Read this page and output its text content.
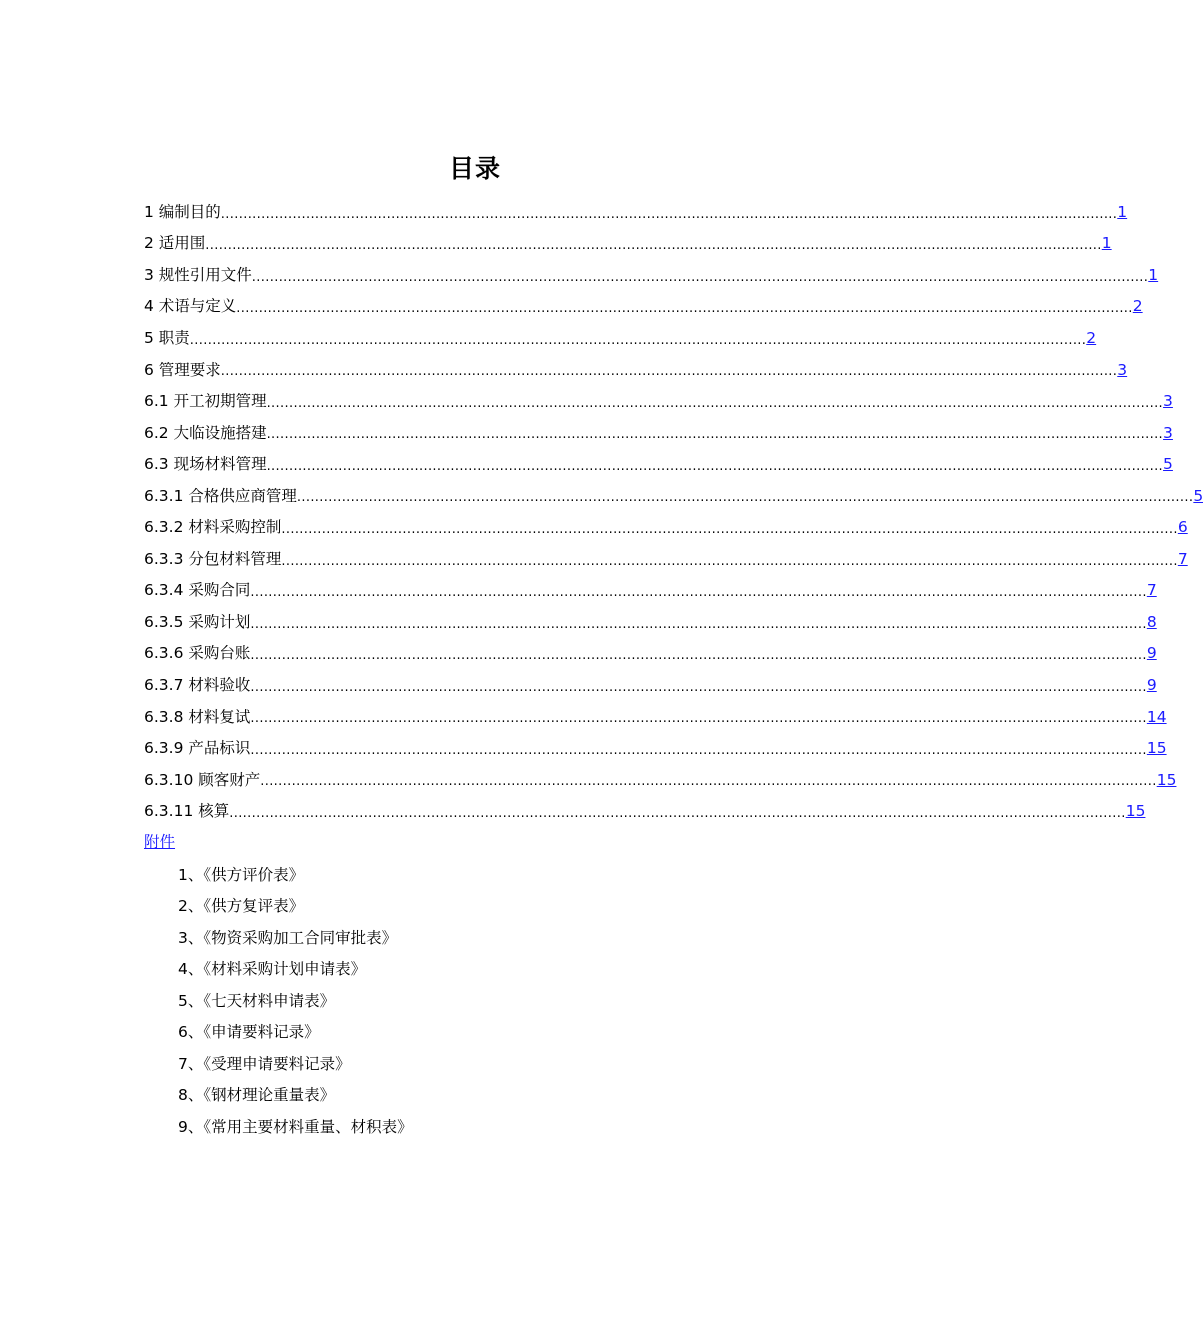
目录
1 编制目的 ........................................................................................................................................................................................................ 1
2 适用围 ........................................................................................................................................................................................................ 1
3 规性引用文件 ........................................................................................................................................................................................................ 1
4 术语与定义 ........................................................................................................................................................................................................ 2
5 职责 ........................................................................................................................................................................................................ 2
6 管理要求 ........................................................................................................................................................................................................ 3
6.1 开工初期管理 ........................................................................................................................................................................................................ 3
6.2 大临设施搭建 ........................................................................................................................................................................................................ 3
6.3 现场材料管理 ........................................................................................................................................................................................................ 5
6.3.1 合格供应商管理 ........................................................................................................................................................................................................ 5
6.3.2 材料采购控制 ........................................................................................................................................................................................................ 6
6.3.3 分包材料管理 ........................................................................................................................................................................................................ 7
6.3.4 采购合同 ........................................................................................................................................................................................................ 7
6.3.5 采购计划 ........................................................................................................................................................................................................ 8
6.3.6 采购台账 ........................................................................................................................................................................................................ 9
6.3.7 材料验收 ........................................................................................................................................................................................................ 9
6.3.8 材料复试 ........................................................................................................................................................................................................ 14
6.3.9 产品标识 ........................................................................................................................................................................................................ 15
6.3.10 顾客财产 ........................................................................................................................................................................................................ 15
6.3.11 核算 ........................................................................................................................................................................................................ 15
附件
1、《供方评价表》
2、《供方复评表》
3、《物资采购加工合同审批表》
4、《材料采购计划申请表》
5、《七天材料申请表》
6、《申请要料记录》
7、《受理申请要料记录》
8、《钢材理论重量表》
9、《常用主要材料重量、材积表》
